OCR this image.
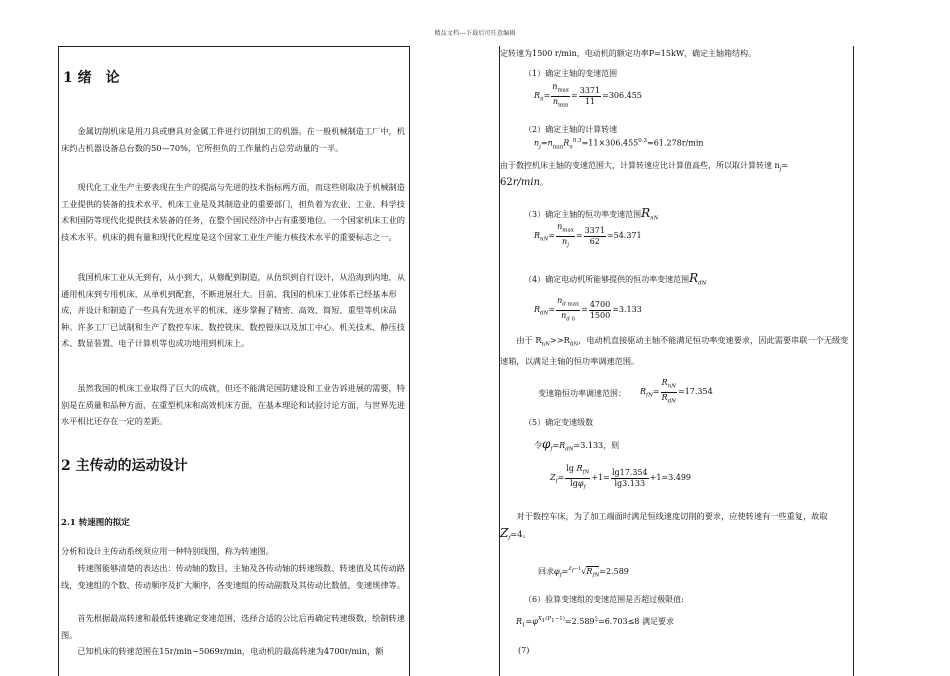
精品文档---下载后可任意编辑
1 绪　论
金属切削机床是用刀具或磨具对金属工件进行切削加工的机器。在一般机械制造工厂中，机床约占机器设备总台数的50—70%，它所担负的工作量约占总劳动量的一半。
现代化工业生产主要表现在生产的提高与先进的技术指标两方面，而这些则取决于机械制造工业提供的装备的技术水平、机床工业是及其制造业的重要部门，担负着为农业、工业、科学技术和国防等现代化提供技术装备的任务，在整个国民经济中占有重要地位。一个国家机床工业的技术水平。机床的拥有量和现代化程度是这个国家工业生产能力核技术水平的重要标志之一。
我国机床工业从无到有，从小到大，从修配到制造，从仿织到自行设计，从沿海到内地，从通用机床到专用机床，从单机到配套，不断进展壮大。目前，我国的机床工业体系已经基本形成，并设计和制造了一些具有先进水平的机床，逐步掌握了精密、高效、简短、重型等机床品种。许多工厂已试制和生产了数控车床、数控铣床、数控镗床以及加工中心。机关技术、静压技术、数显装置、电子计算机等也成功地用到机床上。
虽然我国的机床工业取得了巨大的成就，但还不能满足国防建设和工业告诉进展的需要，特别是在质量和品种方面，在重型机床和高效机床方面，在基本理论和试验讨论方面，与世界先进水平相比还存在一定的差距。
2 主传动的运动设计
2.1 转速图的拟定
分析和设计主传动系统须应用一种特别线图，称为转速图。
转速图能够清楚的表达出：传动轴的数目，主轴及各传动轴的转速级数、转速值及其传动路线，变速组的个数、传动顺序及扩大顺序，各变速组的传动副数及其传动比数值，变速规律等。
首先根据最高转速和最低转速确定变速范围，选择合适的公比后再确定转速级数，绘制转速图。
已知机床的转速范围在15r/min~5069r/min，电动机的最高转速为4700r/min，额
定转速为1500 r/min，电动机的额定功率P=15kW，确定主轴箱结构。
（1）确定主轴的变速范围
$R_n= \frac{n_{max}}{n_{min}} = \frac{3371}{11} =306.455$
（2）确定主轴的计算转速
$n_j=n_{min}R_n^{0.3}=11\times 306.455^{0.3}=61.278r/\min$
由于数控机床主轴的变速范围大，计算转速应比计算值高些，所以取计算转速 $n_j=$
62r/min。
（3）确定主轴的恒功率变速范围$R_{nN}$
$R_{nN}= \frac{n_{max}}{n_j} = \frac{3371}{62} =54.371$
（4）确定电动机所能够提供的恒功率变速范围$R_{dN}$
$R_{dN}= \frac{n_{d max}}{n_{d 0}} = \frac{4700}{1500} =3.133$
由于 $R_{nN}>>R_{dN}$，电动机直接驱动主轴不能满足恒功率变速要求，因此需要串联一个无级变速箱，以满足主轴的恒功率调速范围。
变速箱恒功率调速范围： $R_{fN}= \frac{R_{nN}}{R_{dN}} =17.354$
（5）确定变速级数
令$\varphi_f=R_{dN}=3.133$，则
$Z_f= \frac{\lg R_{fN}}{\lg\varphi_f} +1= \frac{\lg 17.354}{\lg 3.133} +1=3.499$
对于数控车床，为了加工端面时满足恒线速度切削的要求，应使转速有一些重复，故取$Z_f=4$。
回求$\varphi_f=^{Z_f-1}√R_{fN}=2.589$
（6）验算变速组的变速范围是否超过极限值:
$R_1=\varphi^{X_1(P_1-1)}=2.589^2=6.703\le 8$ 满足要求
(7)
